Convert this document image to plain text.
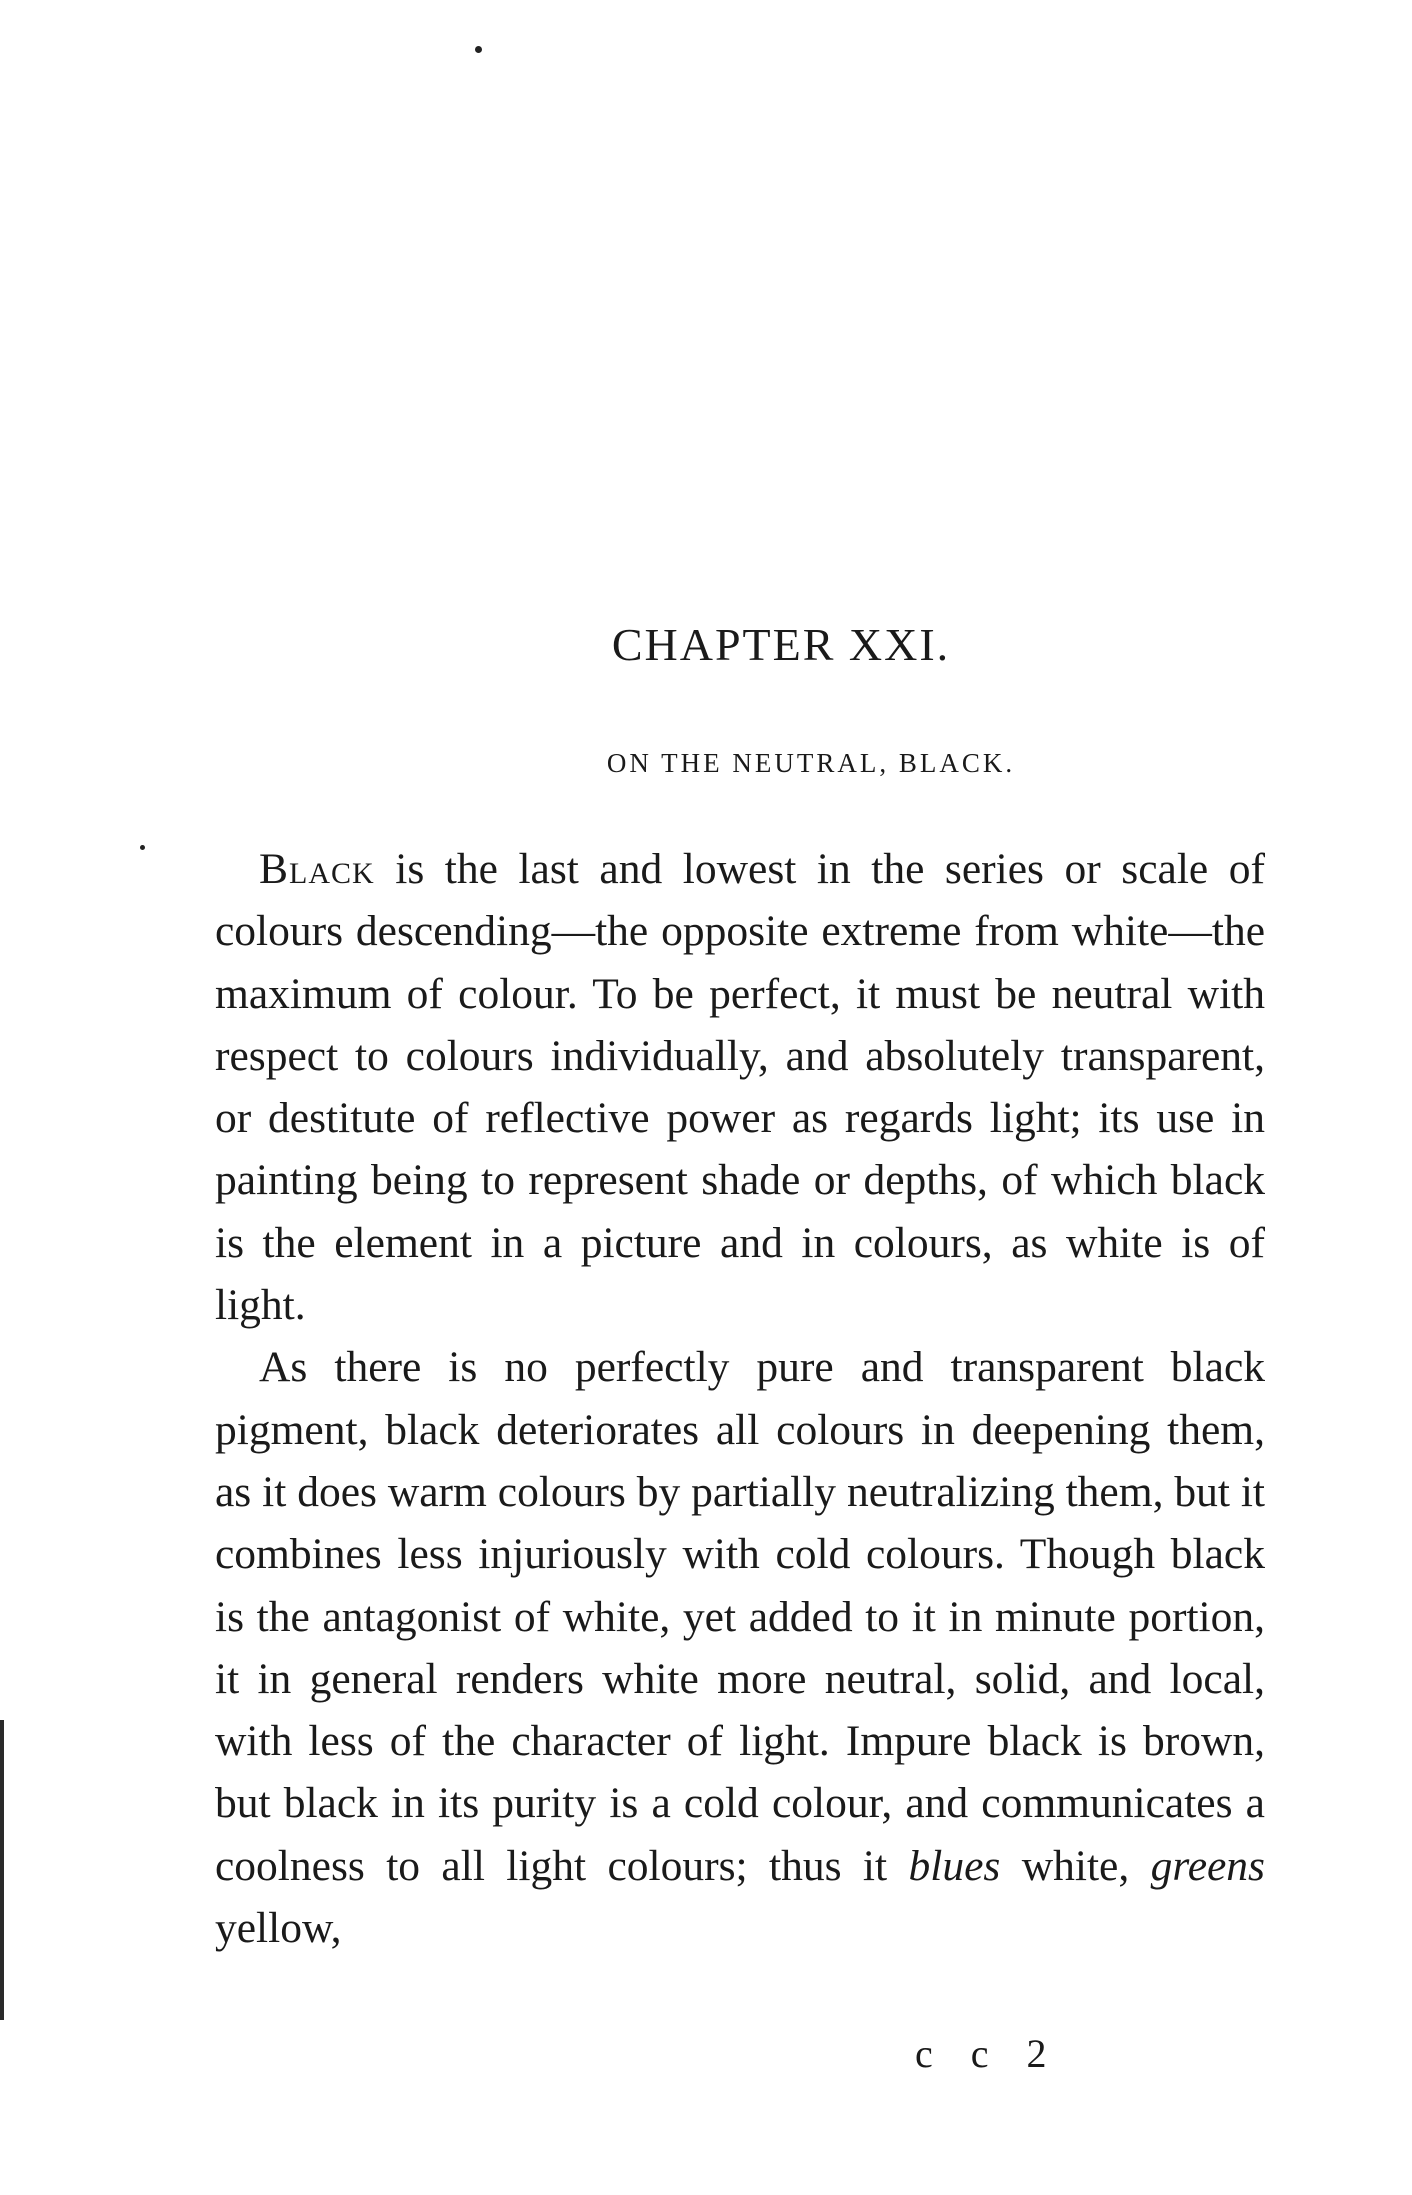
CHAPTER XXI.
ON THE NEUTRAL, BLACK.

Black is the last and lowest in the series or scale of colours descending—the opposite extreme from white—the maximum of colour. To be perfect, it must be neutral with respect to colours individually, and absolutely transparent, or destitute of reflective power as regards light; its use in painting being to represent shade or depths, of which black is the element in a picture and in colours, as white is of light.

As there is no perfectly pure and transparent black pigment, black deteriorates all colours in deepening them, as it does warm colours by partially neutralizing them, but it combines less injuriously with cold colours. Though black is the antagonist of white, yet added to it in minute portion, it in general renders white more neutral, solid, and local, with less of the character of light. Impure black is brown, but black in its purity is a cold colour, and communicates a coolness to all light colours; thus it blues white, greens yellow,

c c 2
